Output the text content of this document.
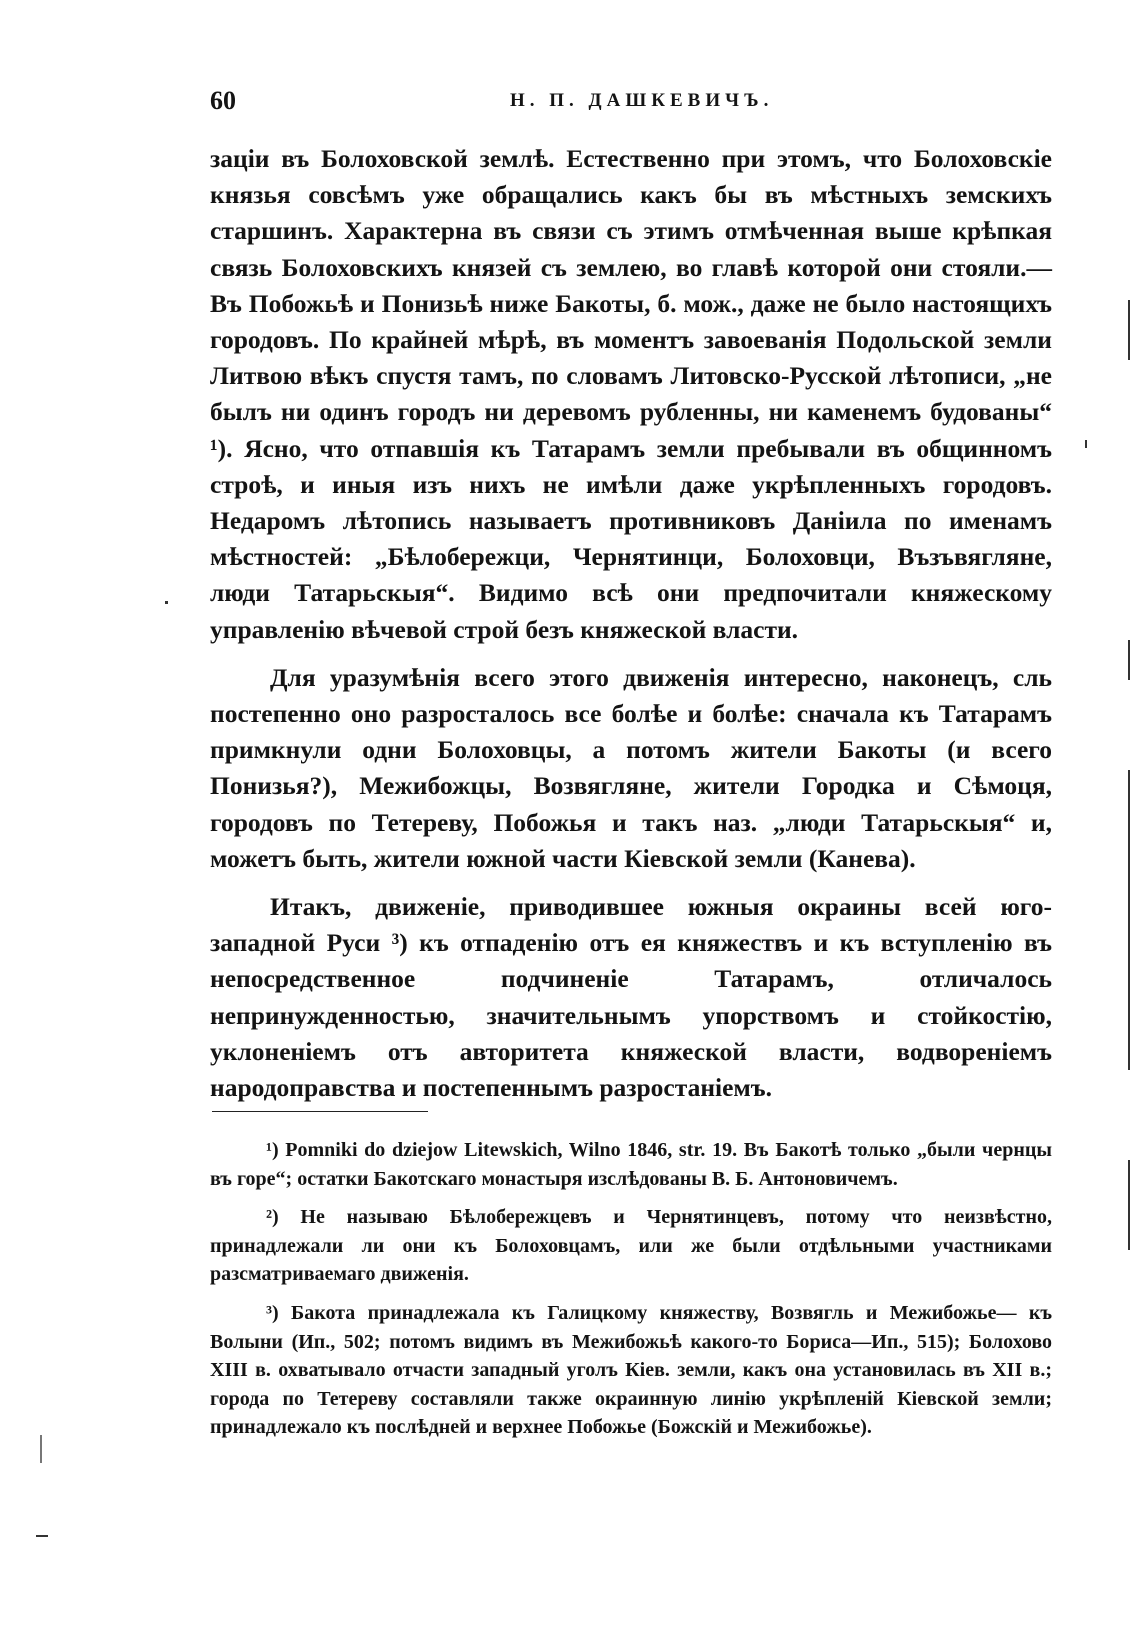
60	Н. П. ДАШКЕВИЧЪ.

заціи въ Болоховской землѣ. Естественно при этомъ, что Болоховскіе князья совсѣмъ уже обращались какъ бы въ мѣстныхъ земскихъ старшинъ. Характерна въ связи съ этимъ отмѣченная выше крѣпкая связь Болоховскихъ князей съ землею, во главѣ которой они стояли.—Въ Побожьѣ и Понизьѣ ниже Бакоты, б. мож., даже не было настоящихъ городовъ. По крайней мѣрѣ, въ моментъ завоеванія Подольской земли Литвою вѣкъ спустя тамъ, по словамъ Литовско-Русской лѣтописи, „не былъ ни одинъ городъ ни деревомъ рубленны, ни каменемъ будованы“ ¹). Ясно, что отпавшія къ Татарамъ земли пребывали въ общинномъ строѣ, и иныя изъ нихъ не имѣли даже укрѣпленныхъ городовъ. Недаромъ лѣтопись называетъ противниковъ Даніила по именамъ мѣстностей: „Бѣлобережци, Чернятинци, Болоховци, Възъвягляне, люди Татарьскыя“. Видимо всѣ они предпочитали княжескому управленію вѣчевой строй безъ княжеской власти.

Для уразумѣнія всего этого движенія интересно, наконецъ, сль постепенно оно разросталось все болѣе и болѣе: сначала къ Татарамъ примкнули одни Болоховцы, а потомъ жители Бакоты (и всего Понизья?), Межибожцы, Возвягляне, жители Городка и Сѣмоця, городовъ по Тетереву, Побожья и такъ наз. „люди Татарьскыя“ и, можетъ быть, жители южной части Кіевской земли (Канева).

Итакъ, движеніе, приводившее южныя окраины всей юго-западной Руси ³) къ отпаденію отъ ея княжествъ и къ вступленію въ непосредственное подчиненіе Татарамъ, отличалось непринужденностью, значительнымъ упорствомъ и стойкостію, уклоненіемъ отъ авторитета княжеской власти, водвореніемъ народоправства и постепеннымъ разростаніемъ.

¹) Pomniki do dziejow Litewskich, Wilno 1846, str. 19. Въ Бакотѣ только „были чернцы въ горе“; остатки Бакотскаго монастыря изслѣдованы В. Б. Антоновичемъ.

²) Не называю Бѣлобережцевъ и Чернятинцевъ, потому что неизвѣстно, принадлежали ли они къ Болоховцамъ, или же были отдѣльными участниками разсматриваемаго движенія.

³) Бакота принадлежала къ Галицкому княжеству, Возвягль и Межибожье— къ Волыни (Ип., 502; потомъ видимъ въ Межибожьѣ какого-то Бориса—Ип., 515); Болохово XIII в. охватывало отчасти западный уголъ Кіев. земли, какъ она установилась въ XII в.; города по Тетереву составляли также окраинную линію укрѣпленій Кіевской земли; принадлежало къ послѣдней и верхнее Побожье (Божскій и Межибожье).
